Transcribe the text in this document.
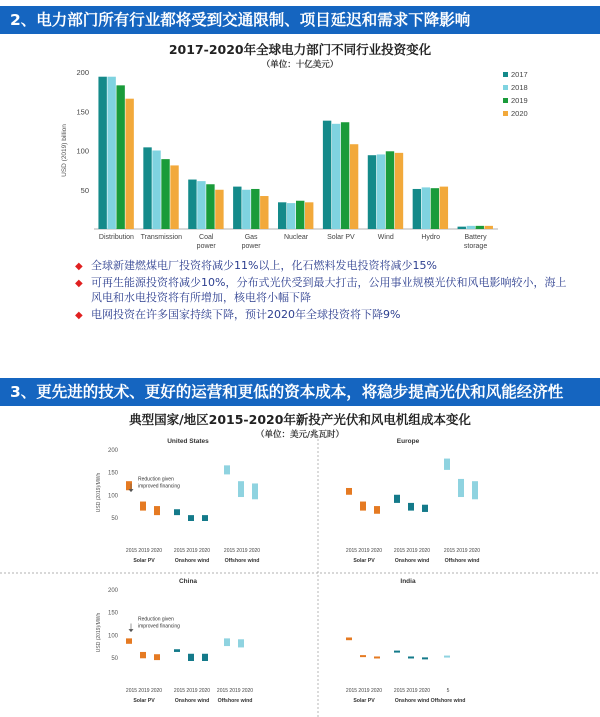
2、电力部门所有行业都将受到交通限制、项目延迟和需求下降影响
2017-2020年全球电力部门不同行业投资变化
（单位：十亿美元）
50
100
150
200
USD (2019) billion
Distribution Transmission Coal
power
Gas
power
Nuclear	Solar PV	Wind	Hydro	Battery
storage
2017
2018
2019
2020
◆ 全球新建燃煤电厂投资将减少11%以上，化石燃料发电投资将减少15%
◆ 可再生能源投资将减少10%，分布式光伏受到最大打击，公用事业规模光伏和风电影响较小，海上风电和水电投资将有所增加，核电将小幅下降
◆ 电网投资在许多国家持续下降，预计2020年全球投资将下降9%
3、更先进的技术、更好的运营和更低的资本成本，将稳步提高光伏和风能经济性
典型国家/地区2015-2020年新投产光伏和风电机组成本变化
（单位：美元/兆瓦时）
United States
50
100
150
200
USD (2019)/MWh
2015 2019 2020
Solar PV
2015 2019 2020
Onshore wind
2015 2019 2020
Offshore wind
Reduction given
improved financing
Europe
2015 2019 2020
Solar PV
2015 2019 2020
Onshore wind
2015 2019 2020
Offshore wind
China
50
100
150
200
USD (2019)/MWh
2015 2019 2020
Solar PV
2015 2019 2020
Onshore wind
2015 2019 2020
Offshore wind
Reduction given
improved financing
India
2015 2019 2020
Solar PV
2015 2019 2020
Onshore wind
5
Offshore wind
